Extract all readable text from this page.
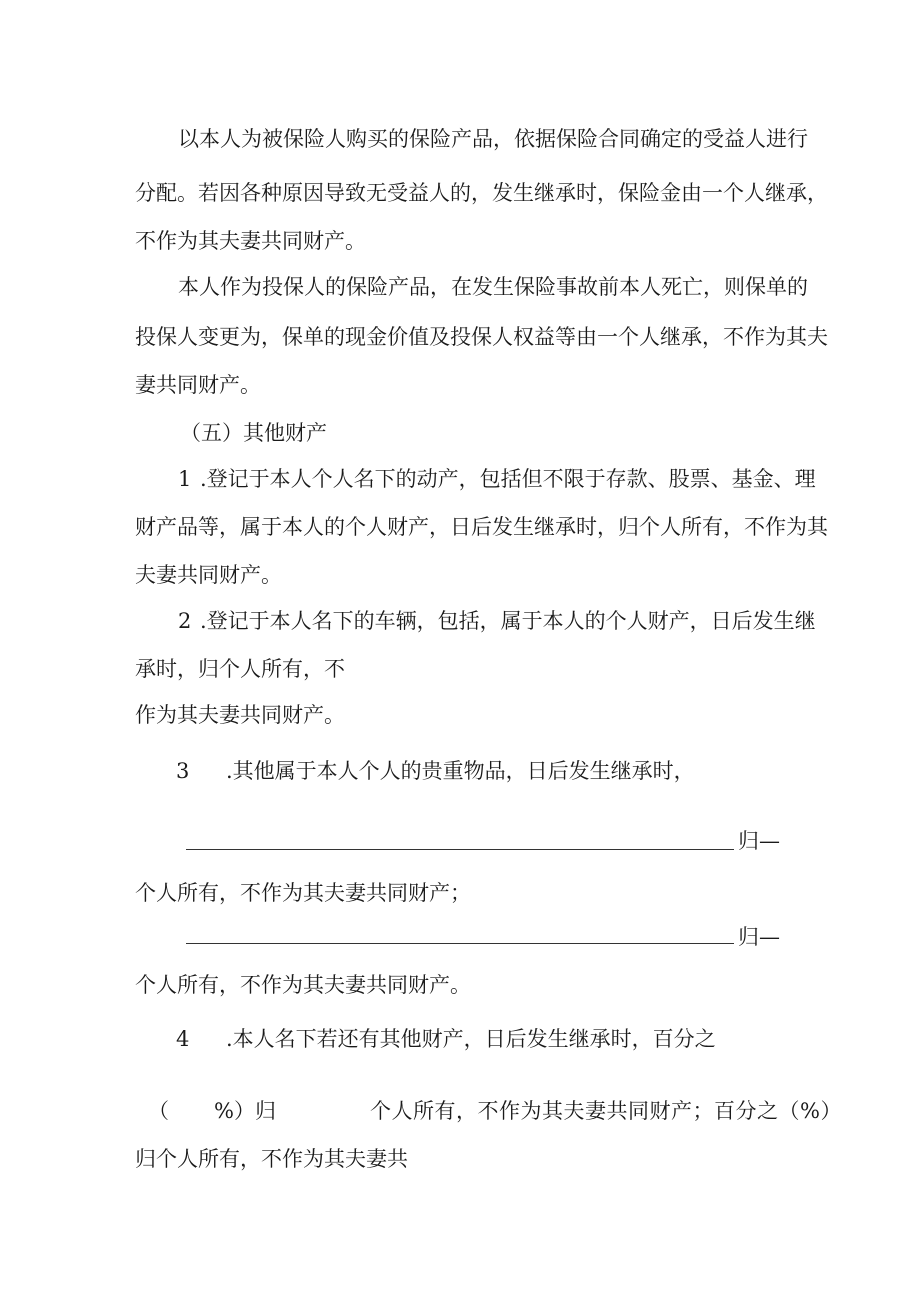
以本人为被保险人购买的保险产品，依据保险合同确定的受益人进行
分配。若因各种原因导致无受益人的，发生继承时，保险金由一个人继承，
不作为其夫妻共同财产。
本人作为投保人的保险产品，在发生保险事故前本人死亡，则保单的
投保人变更为，保单的现金价值及投保人权益等由一个人继承，不作为其夫
妻共同财产。
（五）其他财产
1 .登记于本人个人名下的动产，包括但不限于存款、股票、基金、理
财产品等，属于本人的个人财产，日后发生继承时，归个人所有，不作为其
夫妻共同财产。
2 .登记于本人名下的车辆，包括，属于本人的个人财产，日后发生继
承时，归个人所有，不
作为其夫妻共同财产。
3 .其他属于本人个人的贵重物品，日后发生继承时，
归—
个人所有，不作为其夫妻共同财产；
归—
个人所有，不作为其夫妻共同财产。
4 .本人名下若还有其他财产，日后发生继承时，百分之
（ %）归	个人所有，不作为其夫妻共同财产；百分之（%）
归个人所有，不作为其夫妻共
